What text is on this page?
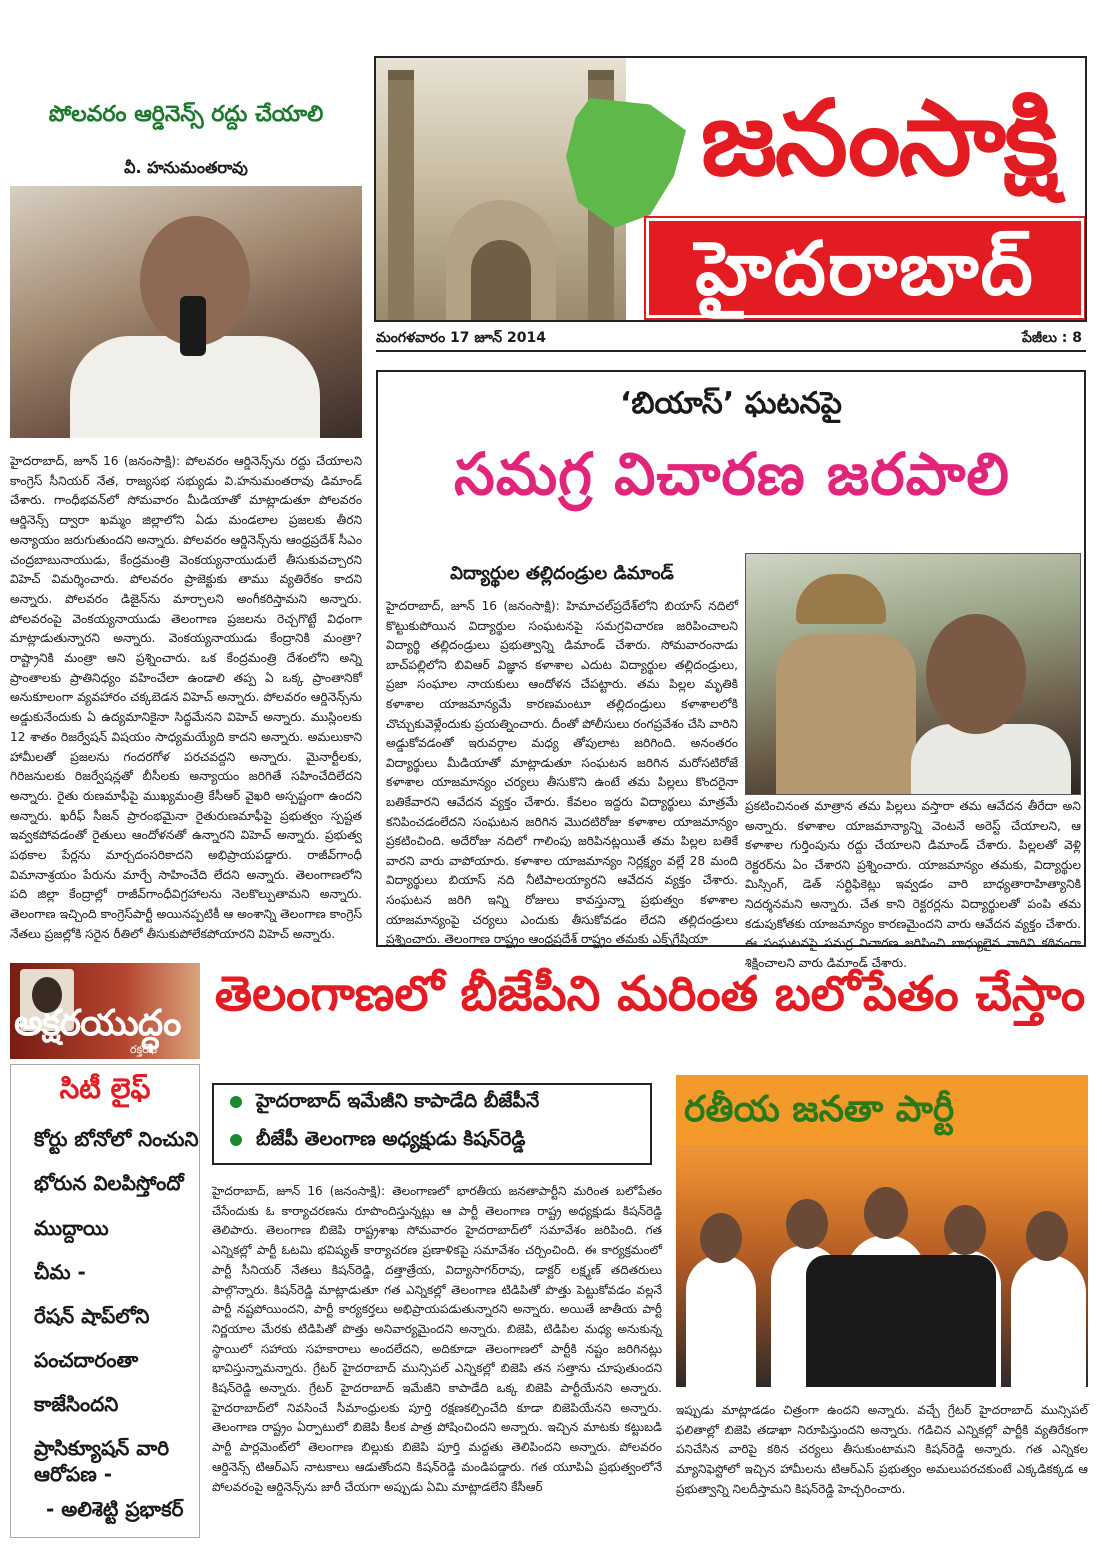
జనంసాక్షి
హైదరాబాద్
మంగళవారం 17 జూన్ 2014	పేజీలు : 8
పోలవరం ఆర్డినెన్స్ రద్దు చేయాలి
వీ. హనుమంతరావు
హైదరాబాద్, జూన్ 16 (జనంసాక్షి): పోలవరం ఆర్డినెన్స్‌ను రద్దు చేయాలని కాంగ్రెస్ సీనియర్ నేత, రాజ్యసభ సభ్యుడు వి.హనుమంతరావు డిమాండ్ చేశారు. గాంధీభవన్‌లో సోమవారం మీడియాతో మాట్లాడుతూ పోలవరం ఆర్డినెన్స్ ద్వారా ఖమ్మం జిల్లాలోని ఏడు మండలాల ప్రజలకు తీరని అన్యాయం జరుగుతుందని అన్నారు. పోలవరం ఆర్డినెన్స్‌ను ఆంధ్రప్రదేశ్ సీఎం చంద్రబాబునాయుడు, కేంద్రమంత్రి వెంకయ్యనాయుడులే తీసుకువచ్చారని విహెచ్ విమర్శించారు. పోలవరం ప్రాజెక్టుకు తాము వ్యతిరేకం కాదని అన్నారు. పోలవరం డిజైన్‌ను మార్చాలని అంగీకరిస్తామని అన్నారు. పోలవరంపై వెంకయ్యనాయుడు తెలంగాణ ప్రజలను రెచ్చగొట్టే విధంగా మాట్లాడుతున్నారని అన్నారు. వెంకయ్యనాయుడు కేంద్రానికి మంత్రా? రాష్ట్రానికి మంత్రా అని ప్రశ్నించారు. ఒక కేంద్రమంత్రి దేశంలోని అన్ని ప్రాంతాలకు ప్రాతినిధ్యం వహించేలా ఉండాలి తప్ప ఏ ఒక్క ప్రాంతానికో అనుకూలంగా వ్యవహారం చక్కబెడన విహెచ్ అన్నారు. పోలవరం ఆర్డినెన్స్‌ను అడ్డుకునేందుకు ఏ ఉద్యమానికైనా సిద్ధమేనని విహెచ్ అన్నారు. ముస్లింలకు 12 శాతం రిజర్వేషన్ విషయం సాధ్యమయ్యేది కాదని అన్నారు. అమలుకాని హామీలతో ప్రజలను గందరగోళ పరచవద్దని అన్నారు. మైనార్టీలకు, గిరిజనులకు రిజర్వేషన్లతో బీసీలకు అన్యాయం జరిగితే సహించేదిలేదని అన్నారు. రైతు రుణమాఫీపై ముఖ్యమంత్రి కేసీఆర్ వైఖరి అస్పష్టంగా ఉందని అన్నారు. ఖరీఫ్ సీజన్ ప్రారంభమైనా రైతురుణమాఫీపై ప్రభుత్వం స్పష్టత ఇవ్వకపోవడంతో రైతులు ఆందోళనతో ఉన్నారని విహెచ్ అన్నారు. ప్రభుత్వ పథకాల పేర్లను మార్చదంసరికాదని అభిప్రాయపడ్డారు. రాజీవ్‌గాంధీ విమానాశ్రయం పేరును మార్చే సాహించేది లేదని అన్నారు. తెలంగాణలోని పది జిల్లా కేంద్రాల్లో రాజీవ్‌గాంధీవిగ్రహాలను నెలకొల్పుతామని అన్నారు. తెలంగాణ ఇచ్చింది కాంగ్రెస్‌పార్టీ అయినప్పటికీ ఆ అంశాన్ని తెలంగాణ కాంగ్రెస్ నేతలు ప్రజల్లోకి సరైన రీతిలో తీసుకుపోలేకపోయారని విహెచ్ అన్నారు.
‘బియాస్’ ఘటనపై
సమగ్ర విచారణ జరపాలి
విద్యార్థుల తల్లిదండ్రుల డిమాండ్
హైదరాబాద్, జూన్ 16 (జనంసాక్షి): హిమాచల్‌ప్రదేశ్‌లోని బియాస్ నదిలో కొట్టుకుపోయిన విద్యార్థుల సంఘటనపై సమగ్రవిచారణ జరిపించాలని విద్యార్థి తల్లిదండ్రులు ప్రభుత్వాన్ని డిమాండ్ చేశారు. సోమవారంనాడు బాచ్‌పల్లిలోని బివిఆర్ విజ్ఞాన కళాశాల ఎదుట విద్యార్థుల తల్లిదండ్రులు, ప్రజా సంఘాల నాయకులు ఆందోళన చేపట్టారు. తమ పిల్లల మృతికి కళాశాల యాజమాన్యమే కారణమంటూ తల్లిదండ్రులు కళాశాలలోకి చొచ్చుకువెళ్లేందుకు ప్రయత్నించారు. దీంతో పోలీసులు రంగప్రవేశం చేసి వారిని అడ్డుకోవడంతో ఇరువర్గాల మధ్య తోపులాట జరిగింది. అనంతరం విద్యార్థులు మీడియాతో మాట్లాడుతూ సంఘటన జరిగిన మరోసటిరోజే కళాశాల యాజమాన్యం చర్యలు తీసుకొని ఉంటే తమ పిల్లలు కొందరైనా బతికేవారని ఆవేదన వ్యక్తం చేశారు. కేవలం ఇద్దరు విద్యార్థులు మాత్రమే కనిపించడంలేదని సంఘటన జరిగిన మొదటిరోజు కళాశాల యాజమాన్యం ప్రకటించింది. అదేరోజు నదిలో గాలింపు జరిపినట్లయితే తమ పిల్లల బతికే వారని వారు వాపోయారు. కళాశాల యాజమాన్యం నిర్లక్ష్యం వల్లే 28 మంది విద్యార్థులు బియాస్ నది నీటిపాలయ్యారని ఆవేదన వ్యక్తం చేశారు. సంఘటన జరిగి ఇన్ని రోజులు కావస్తున్నా ప్రభుత్వం కళాశాల యాజమాన్యంపై చర్యలు ఎందుకు తీసుకోవడం లేదని తల్లిదండ్రులు ప్రశ్నించారు. తెలంగాణ రాష్ట్రం ఆంధ్రప్రదేశ్ రాష్ట్రం తమకు ఎక్స్‌గ్రేషియా
ప్రకటించినంత మాత్రాన తమ పిల్లలు వస్తారా తమ ఆవేదన తీరేదా అని అన్నారు. కళాశాల యాజమాన్యాన్ని వెంటనే అరెస్ట్ చేయాలని, ఆ కళాశాల గుర్తింపును రద్దు చేయాలని డిమాండ్ చేశారు. పిల్లలతో వెళ్లి రెక్టరర్‌ను ఏం చేశారని ప్రశ్నించారు. యాజమాన్యం తమకు, విద్యార్థుల మిస్సింగ్, డెత్ సర్టిఫికెట్లు ఇవ్వడం వారి బాధ్యతారాహిత్యానికి నిదర్శనమని అన్నారు. చేత కాని రెక్టరర్లను విద్యార్థులతో పంపి తమ కడుపుకోతకు యాజమాన్యం కారణమైందని వారు ఆవేదన వ్యక్తం చేశారు. ఈ సంఘటనపై సమగ్ర విచారణ జరిపించి బాధ్యులైన వారిని కఠినంగా శిక్షించాలని వారు డిమాండ్ చేశారు.
అక్షరయుద్ధం
రక్తరేఖ
సిటీ లైఫ్
కోర్టు బోనోలో నించుని
భోరున విలపిస్తోందో
ముద్దాయి
చీమ -
రేషన్ షాప్‌లోని
పంచదారంతా
కాజేసిందని
ప్రాసిక్యూషన్ వారి
ఆరోపణ -
- అలిశెట్టి ప్రభాకర్
తెలంగాణలో బీజేపీని మరింత బలోపేతం చేస్తాం
హైదరాబాద్ ఇమేజీని కాపాడేది బీజేపీనే
బీజేపీ తెలంగాణ అధ్యక్షుడు కిషన్‌రెడ్డి
రతీయ జనతా పార్టీ
హైదరాబాద్, జూన్ 16 (జనంసాక్షి): తెలంగాణలో భారతీయ జనతాపార్టీని మరింత బలోపేతం చేసేందుకు ఓ కార్యాచరణను రూపొందిస్తున్నట్లు ఆ పార్టీ తెలంగాణ రాష్ట్ర అధ్యక్షుడు కిషన్‌రెడ్డి తెలిపారు. తెలంగాణ బిజెపి రాష్ట్రశాఖ సోమవారం హైదరాబాద్‌లో సమావేశం జరిపింది. గత ఎన్నికల్లో పార్టీ ఓటమి భవిష్యత్ కార్యాచరణ ప్రణాళికపై సమావేశం చర్చించింది. ఈ కార్యక్రమంలో పార్టీ సీనియర్ నేతలు కిషన్‌రెడ్డి, దత్తాత్రేయ, విద్యాసాగర్‌రావు, డాక్టర్ లక్ష్మణ్ తదితరులు పాల్గొన్నారు. కిషన్‌రెడ్డి మాట్లాడుతూ గత ఎన్నికల్లో తెలంగాణ టిడిపితో పొత్తు పెట్టుకోవడం వల్లనే పార్టీ నష్టపోయిందని, పార్టీ కార్యకర్తలు అభిప్రాయపడుతున్నారని అన్నారు. అయితే జాతీయ పార్టీ నిర్ణయాల మేరకు టిడిపితో పొత్తు అనివార్యమైందని అన్నారు. బిజెపి, టిడిపిల మధ్య అనుకున్న స్థాయిలో సహాయ సహకారాలు అందలేదని, అదికూడా తెలంగాణలో పార్టీకి నష్టం జరిగినట్లు భావిస్తున్నామన్నారు. గ్రేటర్ హైదరాబాద్ మున్సిపల్ ఎన్నికల్లో బిజెపి తన సత్తాను చూపుతుందని కిషన్‌రెడ్డి అన్నారు. గ్రేటర్ హైదరాబాద్ ఇమేజీని కాపాడేది ఒక్క బిజెపి పార్టీయేనని అన్నారు. హైదరాబాద్‌లో నివసించే సీమాంధ్రులకు పూర్తి రక్షణకల్పించేది కూడా బిజెపియేనని అన్నారు. తెలంగాణ రాష్ట్రం ఏర్పాటులో బిజెపి కీలక పాత్ర పోషించిందని అన్నారు. ఇచ్చిన మాటకు కట్టుబడి పార్టీ పార్లమెంట్‌లో తెలంగాణ బిల్లుకు బిజెపి పూర్తి మద్దతు తెలిపిందని అన్నారు. పోలవరం ఆర్డినెన్స్ టిఆర్ఎస్ నాటకాలు ఆడుతోందని కిషన్‌రెడ్డి మండిపడ్డారు. గత యూపిఏ ప్రభుత్వంలోనే పోలవరంపై ఆర్డినెన్స్‌ను జారీ చేయగా అప్పుడు ఏమి మాట్లాడలేని కేసీఆర్
ఇప్పుడు మాట్లాడడం చిత్రంగా ఉందని అన్నారు. వచ్చే గ్రేటర్ హైదరాబాద్ మున్సిపల్ ఫలితాల్లో బిజెపి తడాఖా నిరూపిస్తుందని అన్నారు. గడిచిన ఎన్నికల్లో పార్టీకి వ్యతిరేకంగా పనిచేసిన వారిపై కఠిన చర్యలు తీసుకుంటామని కిషన్‌రెడ్డి అన్నారు. గత ఎన్నికల మ్యానిఫెస్టోలో ఇచ్చిన హామీలను టిఆర్ఎస్ ప్రభుత్వం అమలుపరచకుంటే ఎక్కడికక్కడ ఆ ప్రభుత్వాన్ని నిలదీస్తామని కిషన్‌రెడ్డి హెచ్చరించారు.
